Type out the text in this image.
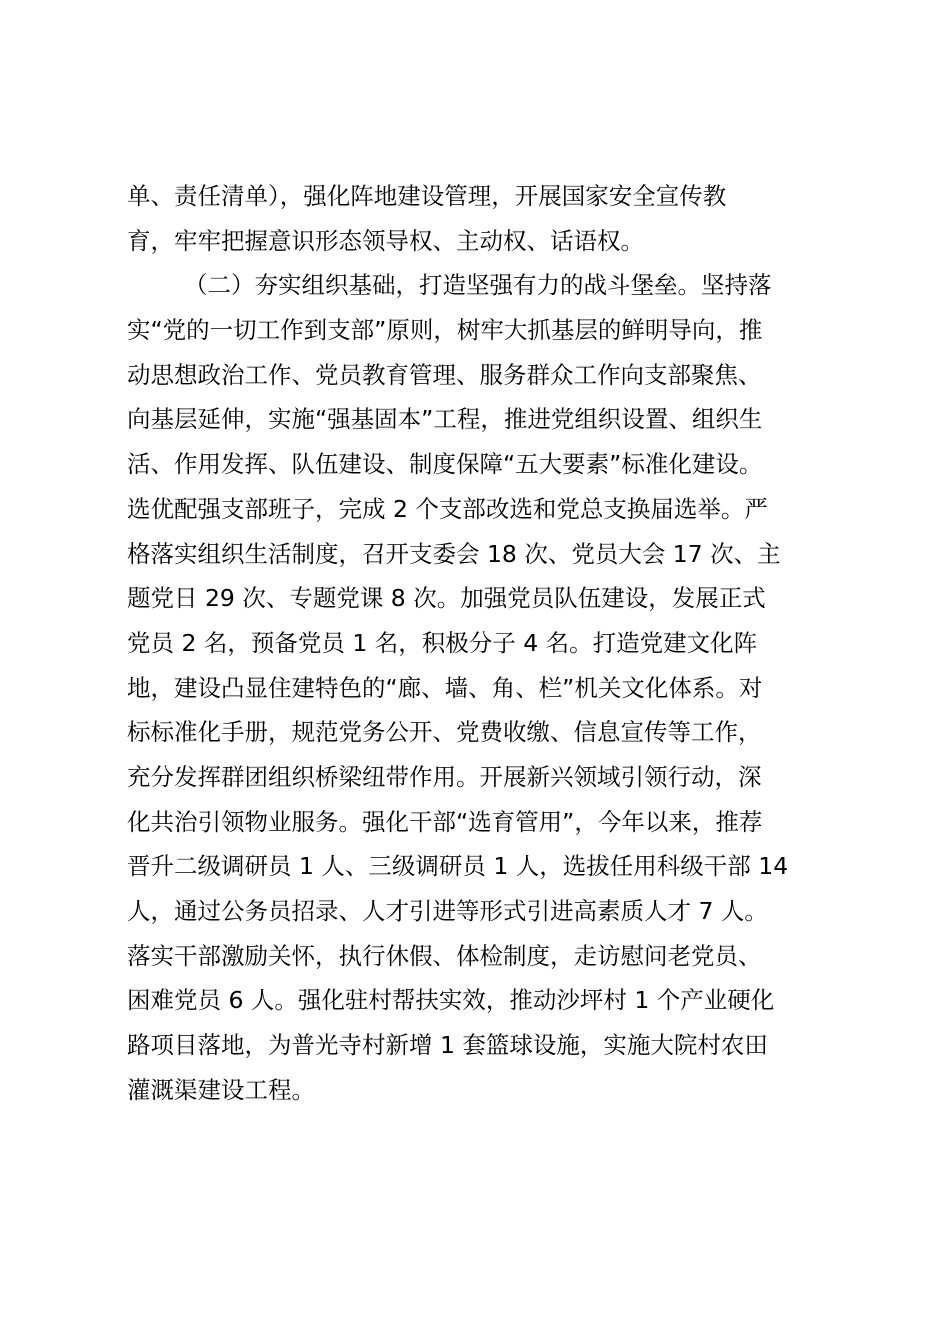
单、责任清单），强化阵地建设管理，开展国家安全宣传教
育，牢牢把握意识形态领导权、主动权、话语权。
（二）夯实组织基础，打造坚强有力的战斗堡垒。坚持落
实“党的一切工作到支部”原则，树牢大抓基层的鲜明导向，推
动思想政治工作、党员教育管理、服务群众工作向支部聚焦、
向基层延伸，实施“强基固本”工程，推进党组织设置、组织生
活、作用发挥、队伍建设、制度保障“五大要素”标准化建设。
选优配强支部班子，完成 2 个支部改选和党总支换届选举。严
格落实组织生活制度，召开支委会 18 次、党员大会 17 次、主
题党日 29 次、专题党课 8 次。加强党员队伍建设，发展正式
党员 2 名，预备党员 1 名，积极分子 4 名。打造党建文化阵
地，建设凸显住建特色的“廊、墙、角、栏”机关文化体系。对
标标准化手册，规范党务公开、党费收缴、信息宣传等工作，
充分发挥群团组织桥梁纽带作用。开展新兴领域引领行动，深
化共治引领物业服务。强化干部“选育管用”，今年以来，推荐
晋升二级调研员 1 人、三级调研员 1 人，选拔任用科级干部 14
人，通过公务员招录、人才引进等形式引进高素质人才 7 人。
落实干部激励关怀，执行休假、体检制度，走访慰问老党员、
困难党员 6 人。强化驻村帮扶实效，推动沙坪村 1 个产业硬化
路项目落地，为普光寺村新增 1 套篮球设施，实施大院村农田
灌溉渠建设工程。
